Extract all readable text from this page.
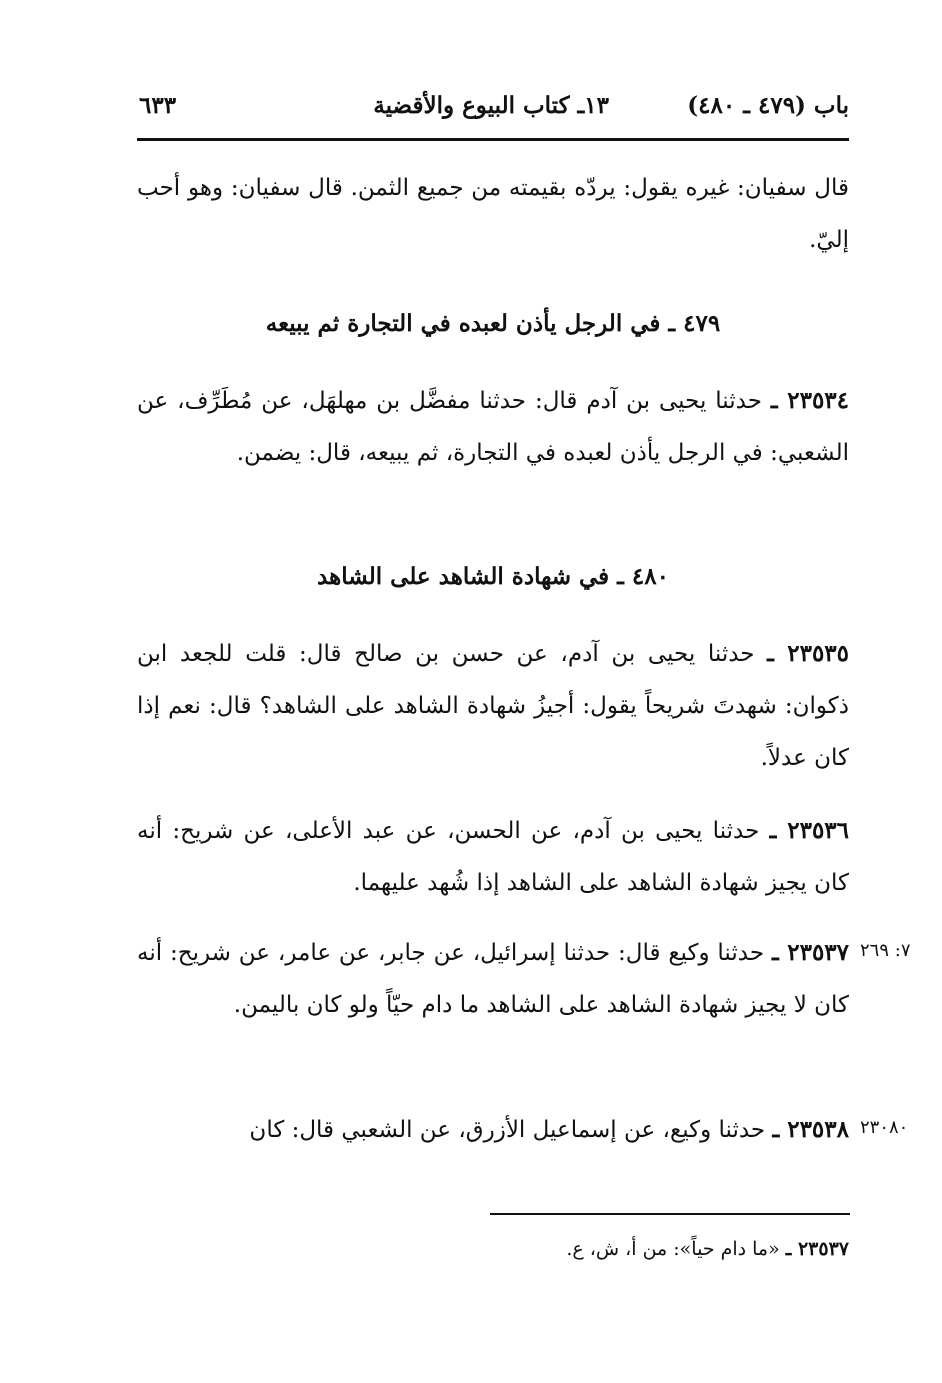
باب (٤٧٩ ـ ٤٨٠)
١٣ـ كتاب البيوع والأقضية
٦٣٣
قال سفيان: غيره يقول: يردّه بقيمته من جميع الثمن. قال سفيان: وهو أحب إليّ.
٤٧٩ ـ في الرجل يأذن لعبده في التجارة ثم يبيعه
٢٣٥٣٤ ـ حدثنا يحيى بن آدم قال: حدثنا مفضَّل بن مهلهَل، عن مُطَرِّف، عن الشعبي: في الرجل يأذن لعبده في التجارة، ثم يبيعه، قال: يضمن.
٤٨٠ ـ في شهادة الشاهد على الشاهد
٢٣٥٣٥ ـ حدثنا يحيى بن آدم، عن حسن بن صالح قال: قلت للجعد ابن ذكوان: شهدتَ شريحاً يقول: أجيزُ شهادة الشاهد على الشاهد؟ قال: نعم إذا كان عدلاً.
٢٣٥٣٦ ـ حدثنا يحيى بن آدم، عن الحسن، عن عبد الأعلى، عن شريح: أنه كان يجيز شهادة الشاهد على الشاهد إذا شُهد عليهما.
٧: ٢٦٩
٢٣٥٣٧ ـ حدثنا وكيع قال: حدثنا إسرائيل، عن جابر، عن عامر، عن شريح: أنه كان لا يجيز شهادة الشاهد على الشاهد ما دام حيّاً ولو كان باليمن.
٢٣٠٨٠
٢٣٥٣٨ ـ حدثنا وكيع، عن إسماعيل الأزرق، عن الشعبي قال: كان
٢٣٥٣٧ ـ «ما دام حياً»: من أ، ش، ع.
